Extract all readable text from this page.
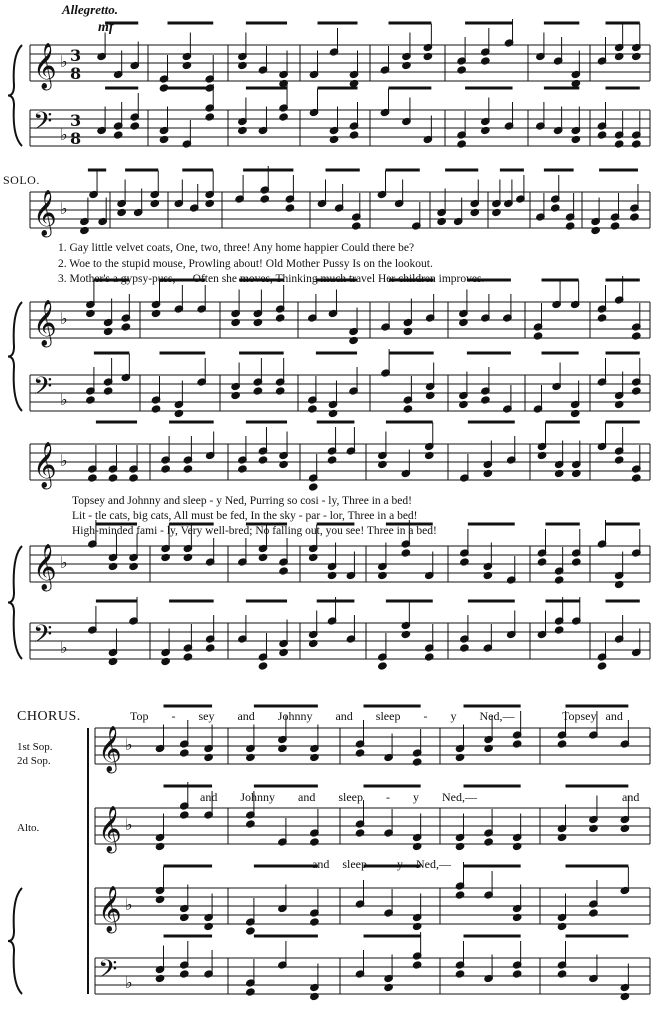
𝄞 ♭ 3
8
𝄢 ♭
3
8
𝄞 ♭
𝄞 ♭
𝄢 ♭
𝄞 ♭
𝄞 ♭
𝄢 ♭
𝄞 ♭
𝄞 ♭
𝄞 ♭
𝄢 ♭
Allegretto.
mf
SOLO.
1. Gay little velvet coats, One, two, three! Any home happier Could there be?
2. Woe to the stupid mouse, Prowling about! Old Mother Pussy Is on the lookout.
3. Mother's a gypsy-puss, — Often she moves, Thinking much travel Her children improves.
Topsey and Johnny and sleep - y Ned, Purring so cosi - ly, Three in a bed!
Lit - tle cats, big cats, All must be fed, In the sky - par - lor, Three in a bed!
High-minded fami - ly, Very well-bred; No falling out, you see! Three in a bed!
CHORUS.	Top - sey and Johnny and sleep - y Ned,—	Topsey and
1st Sop.
2d Sop.
and Johnny and sleep - y Ned,—	and
Alto.
and sleep - y Ned,—
